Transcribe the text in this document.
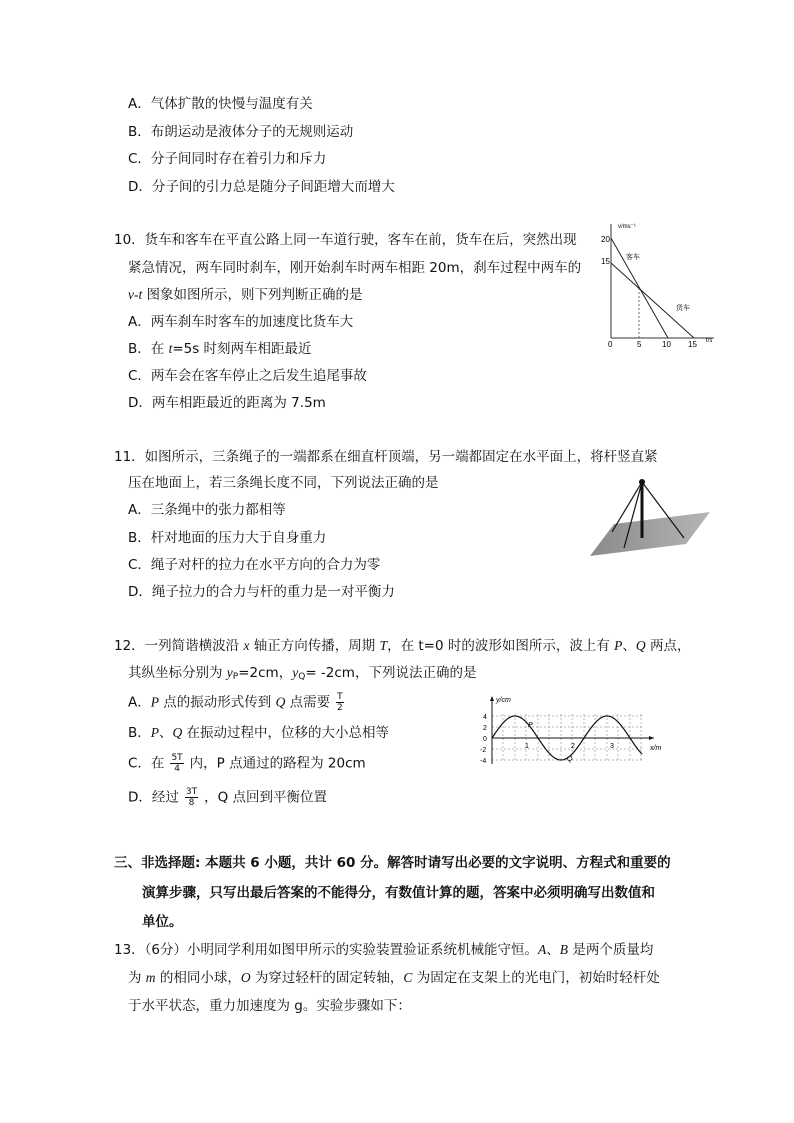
A．气体扩散的快慢与温度有关
B．布朗运动是液体分子的无规则运动
C．分子间同时存在着引力和斥力
D．分子间的引力总是随分子间距增大而增大
10．货车和客车在平直公路上同一车道行驶，客车在前，货车在后，突然出现
紧急情况，两车同时刹车，刚开始刹车时两车相距 20m，刹车过程中两车的
v-t 图象如图所示，则下列判断正确的是
A．两车刹车时客车的加速度比货车大
B．在 t=5s 时刻两车相距最近
C．两车会在客车停止之后发生追尾事故
D．两车相距最近的距离为 7.5m
v/ms⁻¹
t/s
20
15
0	5	10 15
客车
货车
11．如图所示，三条绳子的一端都系在细直杆顶端，另一端都固定在水平面上，将杆竖直紧
压在地面上，若三条绳长度不同，下列说法正确的是
A．三条绳中的张力都相等
B．杆对地面的压力大于自身重力
C．绳子对杆的拉力在水平方向的合力为零
D．绳子拉力的合力与杆的重力是一对平衡力
12．一列简谐横波沿 x 轴正方向传播，周期 T，在 t=0 时的波形如图所示，波上有 P、Q 两点，
其纵坐标分别为 $y_P=2cm$，$y_Q= -2cm$，下列说法正确的是
A．P 点的振动形式传到 Q 点需要 $\frac{T}{2}$
B．P、Q 在振动过程中，位移的大小总相等
C．在 $\frac{5T}{4}$ 内，P 点通过的路程为 20cm
D．经过 $\frac{3T}{8}$ ，Q 点回到平衡位置
y/cm
x/m
4
2
0
-2
-4
1	2	3
P
Q
三、非选择题: 本题共 6 小题，共计 60 分。解答时请写出必要的文字说明、方程式和重要的
演算步骤，只写出最后答案的不能得分，有数值计算的题，答案中必须明确写出数值和
单位。
13．（6分）小明同学利用如图甲所示的实验装置验证系统机械能守恒。A、B 是两个质量均
为 m 的相同小球，O 为穿过轻杆的固定转轴，C 为固定在支架上的光电门，初始时轻杆处
于水平状态，重力加速度为 g。实验步骤如下：
